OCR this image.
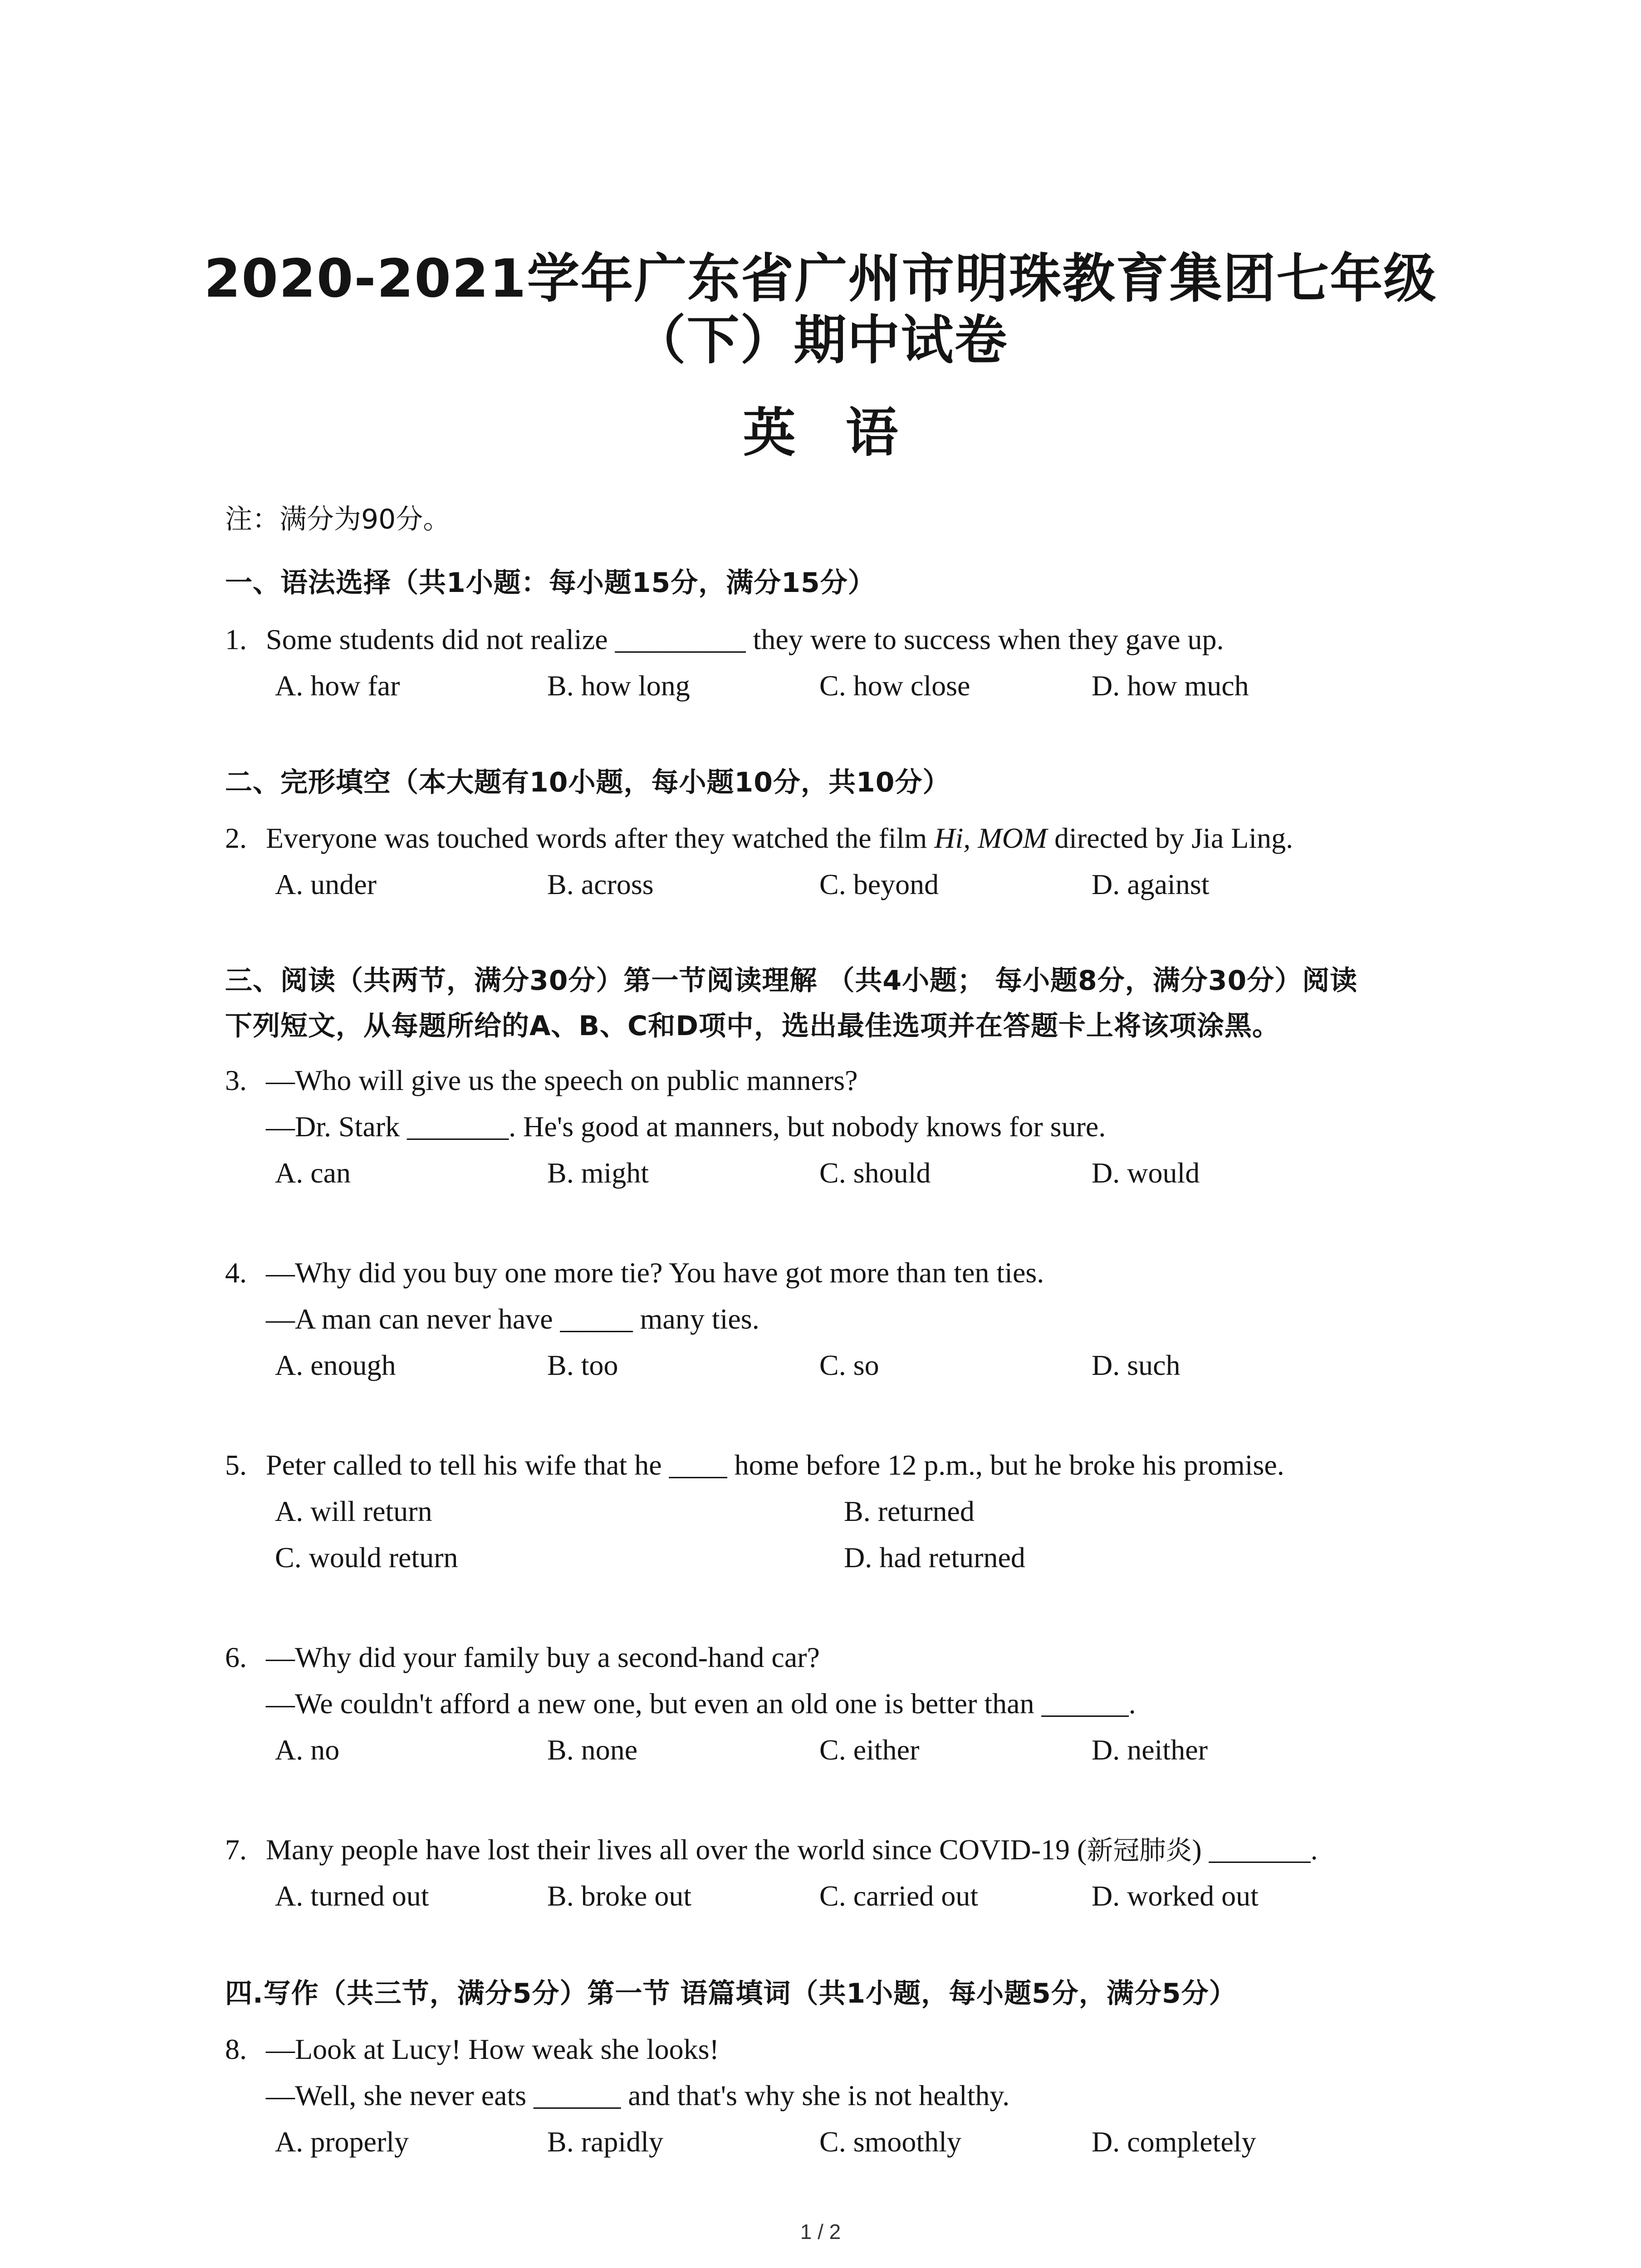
2020-2021学年广东省广州市明珠教育集团七年级
（下）期中试卷
英语
注：满分为90分。
一、语法选择（共1小题：每小题15分，满分15分）
1. Some students did not realize _________ they were to success when they gave up.
A. how far	B. how long	C. how close	D. how much
二、完形填空（本大题有10小题，每小题10分，共10分）
2. Everyone was touched words after they watched the film Hi, MOM directed by Jia Ling.
A. under	B. across	C. beyond	D. against
三、阅读（共两节，满分30分）第一节阅读理解 （共4小题； 每小题8分，满分30分）阅读
下列短文，从每题所给的A、B、C和D项中，选出最佳选项并在答题卡上将该项涂黑。
3. —Who will give us the speech on public manners?
—Dr. Stark _______. He's good at manners, but nobody knows for sure.
A. can	B. might	C. should	D. would
4. —Why did you buy one more tie? You have got more than ten ties.
—A man can never have _____ many ties.
A. enough	B. too	C. so	D. such
5. Peter called to tell his wife that he ____ home before 12 p.m., but he broke his promise.
A. will return	B. returned
C. would return	D. had returned
6. —Why did your family buy a second-hand car?
—We couldn't afford a new one, but even an old one is better than ______.
A. no	B. none	C. either	D. neither
7. Many people have lost their lives all over the world since COVID-19 (新冠肺炎) _______.
A. turned out	B. broke out	C. carried out	D. worked out
四.写作（共三节，满分5分）第一节 语篇填词（共1小题，每小题5分，满分5分）
8. —Look at Lucy! How weak she looks!
—Well, she never eats ______ and that's why she is not healthy.
A. properly	B. rapidly	C. smoothly	D. completely
1 / 2
